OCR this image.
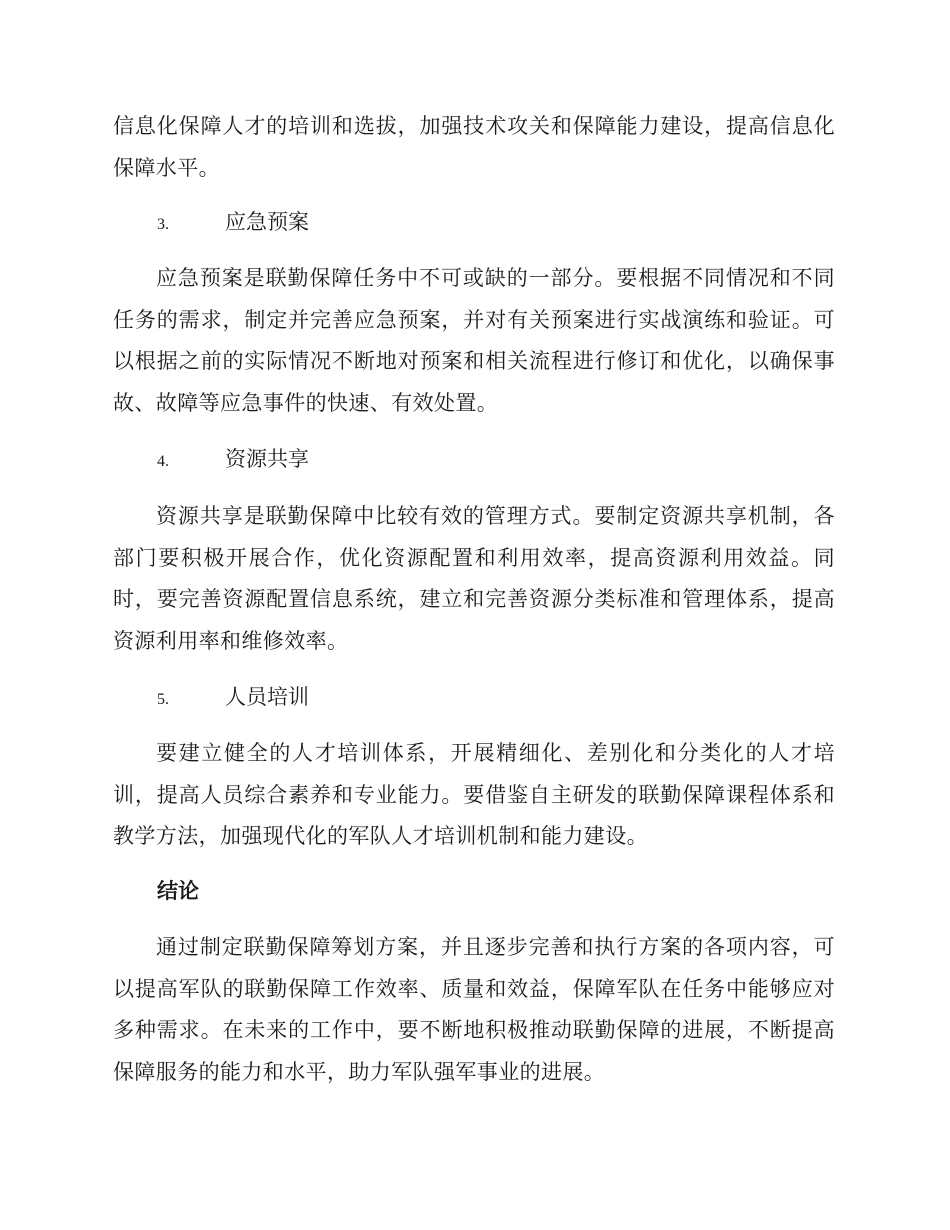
信息化保障人才的培训和选拔，加强技术攻关和保障能力建设，提高信息化保障水平。

3.	应急预案

应急预案是联勤保障任务中不可或缺的一部分。要根据不同情况和不同任务的需求，制定并完善应急预案，并对有关预案进行实战演练和验证。可以根据之前的实际情况不断地对预案和相关流程进行修订和优化，以确保事故、故障等应急事件的快速、有效处置。

4.	资源共享

资源共享是联勤保障中比较有效的管理方式。要制定资源共享机制，各部门要积极开展合作，优化资源配置和利用效率，提高资源利用效益。同时，要完善资源配置信息系统，建立和完善资源分类标准和管理体系，提高资源利用率和维修效率。

5.	人员培训

要建立健全的人才培训体系，开展精细化、差别化和分类化的人才培训，提高人员综合素养和专业能力。要借鉴自主研发的联勤保障课程体系和教学方法，加强现代化的军队人才培训机制和能力建设。

结论

通过制定联勤保障筹划方案，并且逐步完善和执行方案的各项内容，可以提高军队的联勤保障工作效率、质量和效益，保障军队在任务中能够应对多种需求。在未来的工作中，要不断地积极推动联勤保障的进展，不断提高保障服务的能力和水平，助力军队强军事业的进展。
